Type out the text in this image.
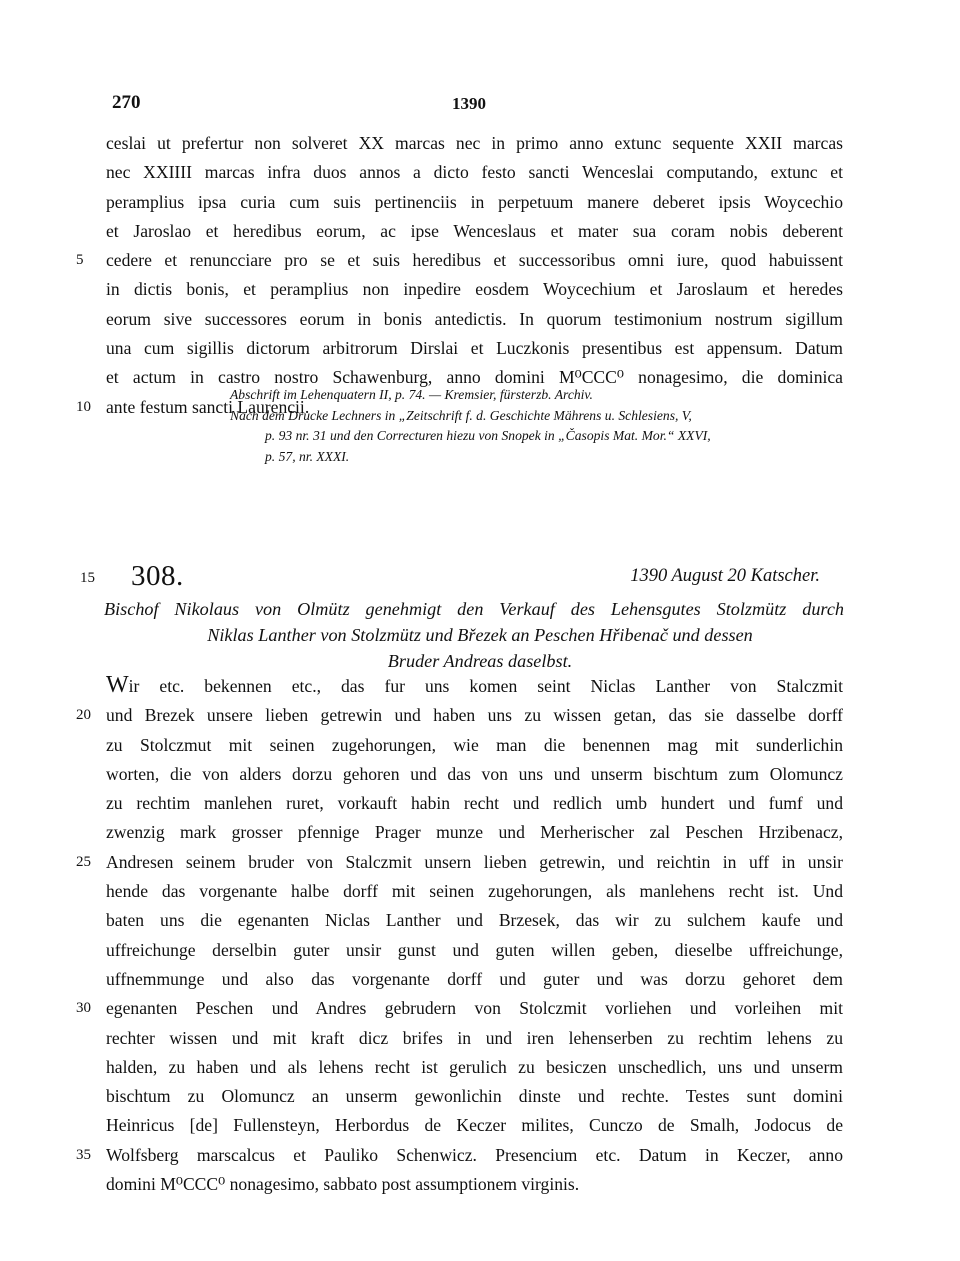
270	1390
ceslai ut prefertur non solveret XX marcas nec in primo anno extunc sequente XXII marcas
nec XXIIII marcas infra duos annos a dicto festo sancti Wenceslai computando, extunc et
peramplius ipsa curia cum suis pertinenciis in perpetuum manere deberet ipsis Woycechio
et Jaroslao et heredibus eorum, ac ipse Wenceslaus et mater sua coram nobis deberent
5	cedere et renuncciare pro se et suis heredibus et successoribus omni iure, quod habuissent
in dictis bonis, et peramplius non inpedire eosdem Woycechium et Jaroslaum et heredes
eorum sive successores eorum in bonis antedictis. In quorum testimonium nostrum sigillum
una cum sigillis dictorum arbitrorum Dirslai et Luczkonis presentibus est appensum. Datum
et actum in castro nostro Schawenburg, anno domini M⁰CCC⁰ nonagesimo, die dominica
10 ante festum sancti Laurencii.
Abschrift im Lehenquatern II, p. 74. — Kremsier, fürsterzb. Archiv.
Nach dem Drucke Lechners in „Zeitschrift f. d. Geschichte Mährens u. Schlesiens, V,
p. 93 nr. 31 und den Correcturen hiezu von Snopek in „Časopis Mat. Mor.“ XXVI,
p. 57, nr. XXXI.
15 308.	1390 August 20 Katscher.
Bischof Nikolaus von Olmütz genehmigt den Verkauf des Lehensgutes Stolzmütz durch
Niklas Lanther von Stolzmütz und Březek an Peschen Hřibenač und dessen
Bruder Andreas daselbst.
Wir etc. bekennen etc., das fur uns komen seint Niclas Lanther von Stalczmit
20 und Brezek unsere lieben getrewin und haben uns zu wissen getan, das sie dasselbe dorff
zu Stolczmut mit seinen zugehorungen, wie man die benennen mag mit sunderlichin
worten, die von alders dorzu gehoren und das von uns und unserm bischtum zum Olomuncz
zu rechtim manlehen ruret, vorkauft habin recht und redlich umb hundert und fumf und
zwenzig mark grosser pfennige Prager munze und Merherischer zal Peschen Hrzibenacz,
25 Andresen seinem bruder von Stalczmit unsern lieben getrewin, und reichtin in uff in unsir
hende das vorgenante halbe dorff mit seinen zugehorungen, als manlehens recht ist. Und
baten uns die egenanten Niclas Lanther und Brzesek, das wir zu sulchem kaufe und
uffreichunge derselbin guter unsir gunst und guten willen geben, dieselbe uffreichunge,
uffnemmunge und also das vorgenante dorff und guter und was dorzu gehoret dem
30 egenanten Peschen und Andres gebrudern von Stolczmit vorliehen und vorleihen mit
rechter wissen und mit kraft dicz brifes in und iren lehenserben zu rechtim lehens zu
halden, zu haben und als lehens recht ist gerulich zu besiczen unschedlich, uns und unserm
bischtum zu Olomuncz an unserm gewonlichin dinste und rechte. Testes sunt domini
Heinricus [de] Fullensteyn, Herbordus de Keczer milites, Cunczo de Smalh, Jodocus de
35 Wolfsberg marscalcus et Pauliko Schenwicz. Presencium etc. Datum in Keczer, anno
domini M⁰CCC⁰ nonagesimo, sabbato post assumptionem virginis.
